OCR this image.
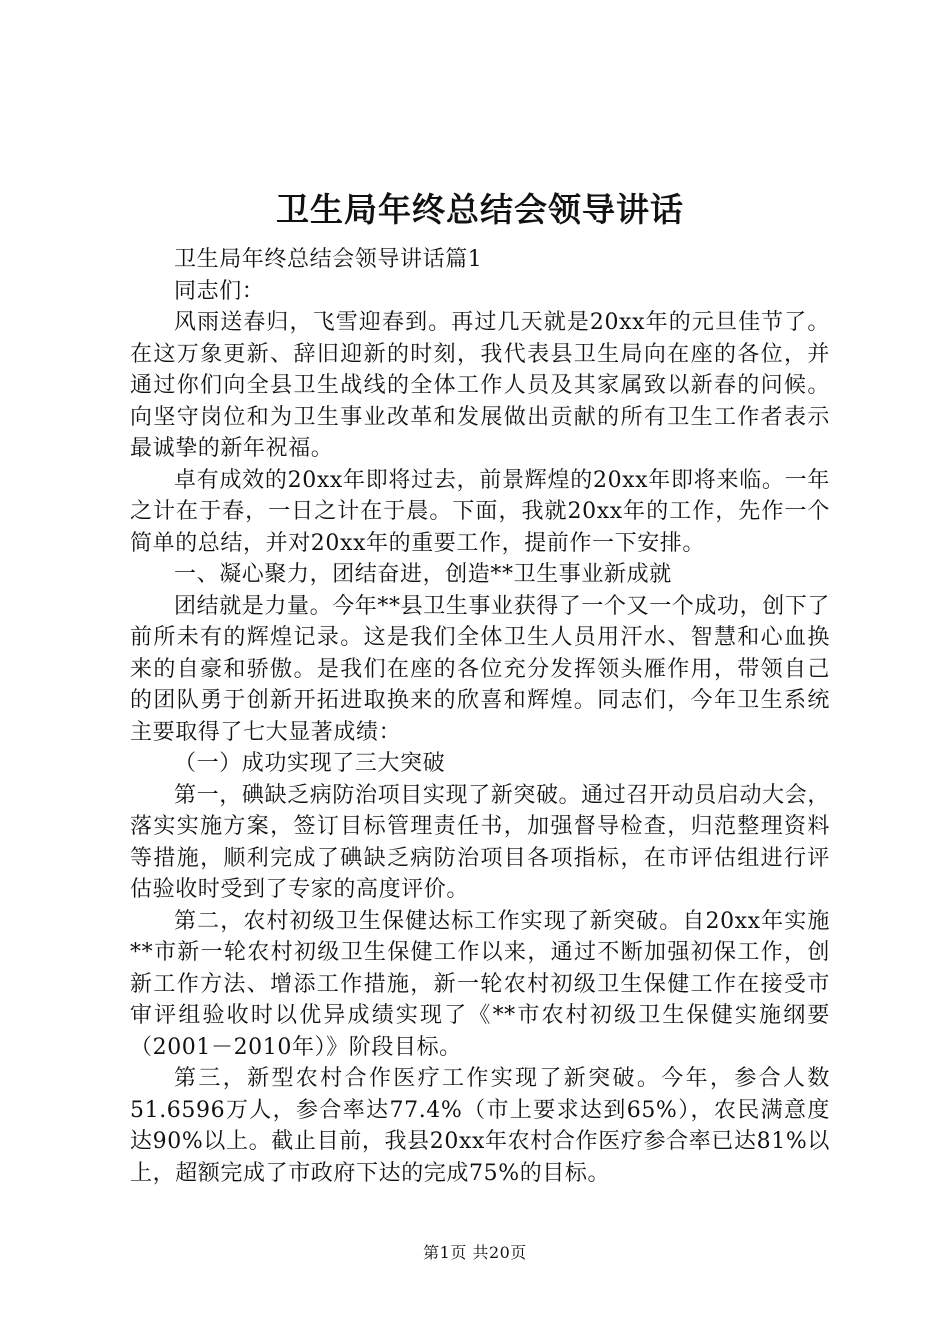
卫生局年终总结会领导讲话

卫生局年终总结会领导讲话篇1

同志们：

风雨送春归，飞雪迎春到。再过几天就是20xx年的元旦佳节了。在这万象更新、辞旧迎新的时刻，我代表县卫生局向在座的各位，并通过你们向全县卫生战线的全体工作人员及其家属致以新春的问候。向坚守岗位和为卫生事业改革和发展做出贡献的所有卫生工作者表示最诚挚的新年祝福。

卓有成效的20xx年即将过去，前景辉煌的20xx年即将来临。一年之计在于春，一日之计在于晨。下面，我就20xx年的工作，先作一个简单的总结，并对20xx年的重要工作，提前作一下安排。

一、凝心聚力，团结奋进，创造**卫生事业新成就

团结就是力量。今年**县卫生事业获得了一个又一个成功，创下了前所未有的辉煌记录。这是我们全体卫生人员用汗水、智慧和心血换来的自豪和骄傲。是我们在座的各位充分发挥领头雁作用，带领自己的团队勇于创新开拓进取换来的欣喜和辉煌。同志们，今年卫生系统主要取得了七大显著成绩：

（一）成功实现了三大突破

第一，碘缺乏病防治项目实现了新突破。通过召开动员启动大会，落实实施方案，签订目标管理责任书，加强督导检查，归范整理资料等措施，顺利完成了碘缺乏病防治项目各项指标，在市评估组进行评估验收时受到了专家的高度评价。

第二，农村初级卫生保健达标工作实现了新突破。自20xx年实施**市新一轮农村初级卫生保健工作以来，通过不断加强初保工作，创新工作方法、增添工作措施，新一轮农村初级卫生保健工作在接受市审评组验收时以优异成绩实现了《**市农村初级卫生保健实施纲要（2001－2010年）》阶段目标。

第三，新型农村合作医疗工作实现了新突破。今年，参合人数51.6596万人，参合率达77.4%（市上要求达到65%），农民满意度达90%以上。截止目前，我县20xx年农村合作医疗参合率已达81%以上，超额完成了市政府下达的完成75%的目标。

第1页 共20页
